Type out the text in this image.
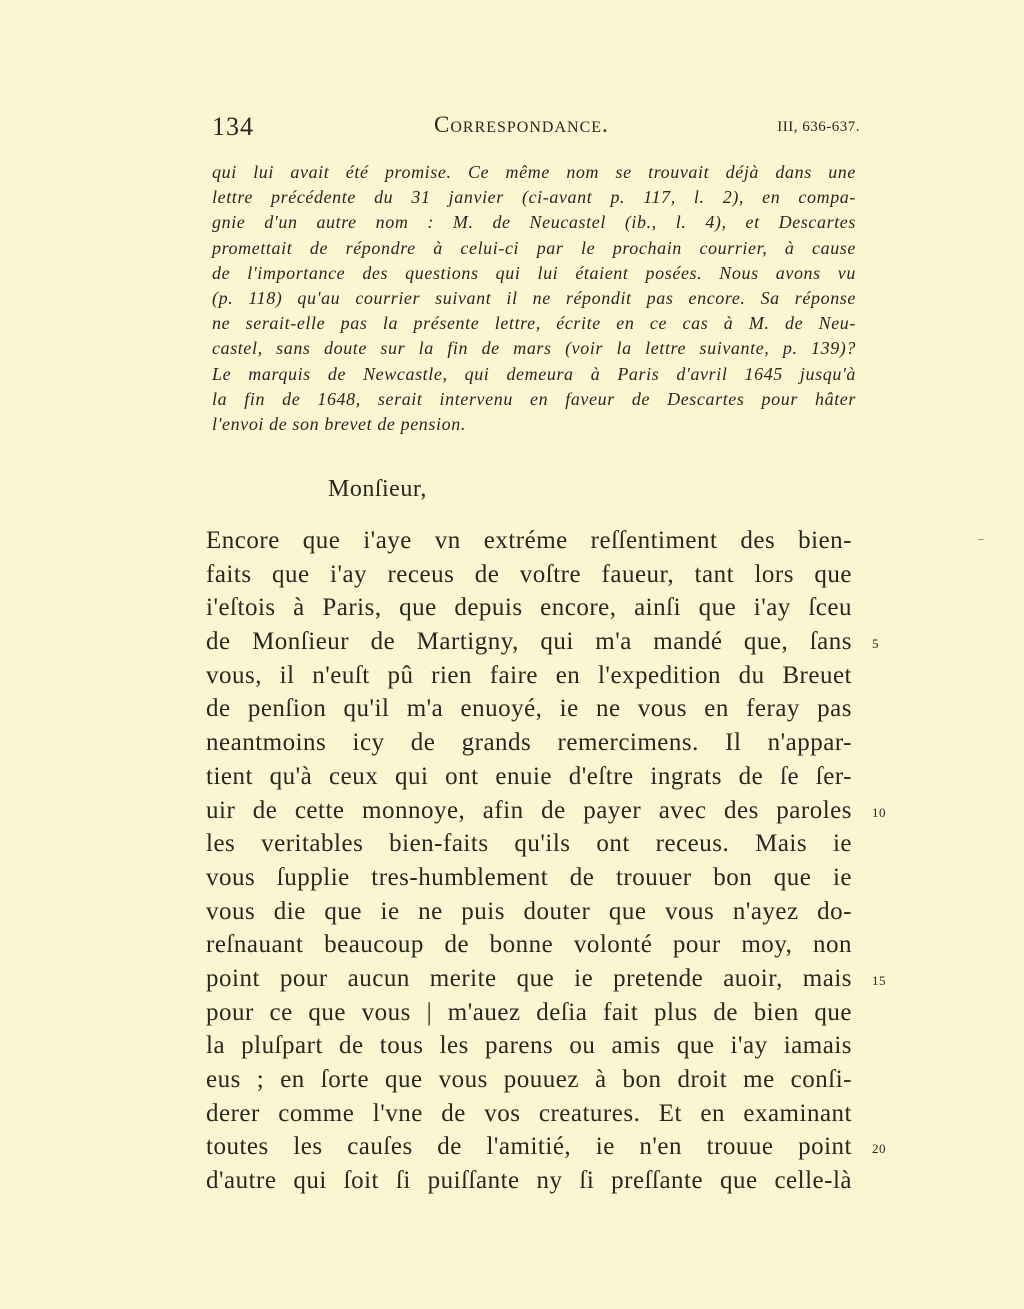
134	Correspondance.	III, 636-637.
qui lui avait été promise. Ce même nom se trouvait déjà dans une
lettre précédente du 31 janvier (ci-avant p. 117, l. 2), en compa-
gnie d'un autre nom : M. de Neucastel (ib., l. 4), et Descartes
promettait de répondre à celui-ci par le prochain courrier, à cause
de l'importance des questions qui lui étaient posées. Nous avons vu
(p. 118) qu'au courrier suivant il ne répondit pas encore. Sa réponse
ne serait-elle pas la présente lettre, écrite en ce cas à M. de Neu-
castel, sans doute sur la fin de mars (voir la lettre suivante, p. 139)?
Le marquis de Newcastle, qui demeura à Paris d'avril 1645 jusqu'à
la fin de 1648, serait intervenu en faveur de Descartes pour hâter
l'envoi de son brevet de pension.
Monſieur,
Encore que i'aye vn extréme reſſentiment des bien-
faits que i'ay receus de voſtre faueur, tant lors que
i'eſtois à Paris, que depuis encore, ainſi que i'ay ſceu
de Monſieur de Martigny, qui m'a mandé que, ſans 5
vous, il n'euſt pû rien faire en l'expedition du Breuet
de penſion qu'il m'a enuoyé, ie ne vous en feray pas
neantmoins icy de grands remercimens. Il n'appar-
tient qu'à ceux qui ont enuie d'eſtre ingrats de ſe ſer-
uir de cette monnoye, afin de payer avec des paroles 10
les veritables bien-faits qu'ils ont receus. Mais ie
vous ſupplie tres-humblement de trouuer bon que ie
vous die que ie ne puis douter que vous n'ayez do-
reſnauant beaucoup de bonne volonté pour moy, non
point pour aucun merite que ie pretende auoir, mais 15
pour ce que vous | m'auez deſia fait plus de bien que
la pluſpart de tous les parens ou amis que i'ay iamais
eus ; en ſorte que vous pouuez à bon droit me conſi-
derer comme l'vne de vos creatures. Et en examinant
toutes les cauſes de l'amitié, ie n'en trouue point 20
d'autre qui ſoit ſi puiſſante ny ſi preſſante que celle-là
–
